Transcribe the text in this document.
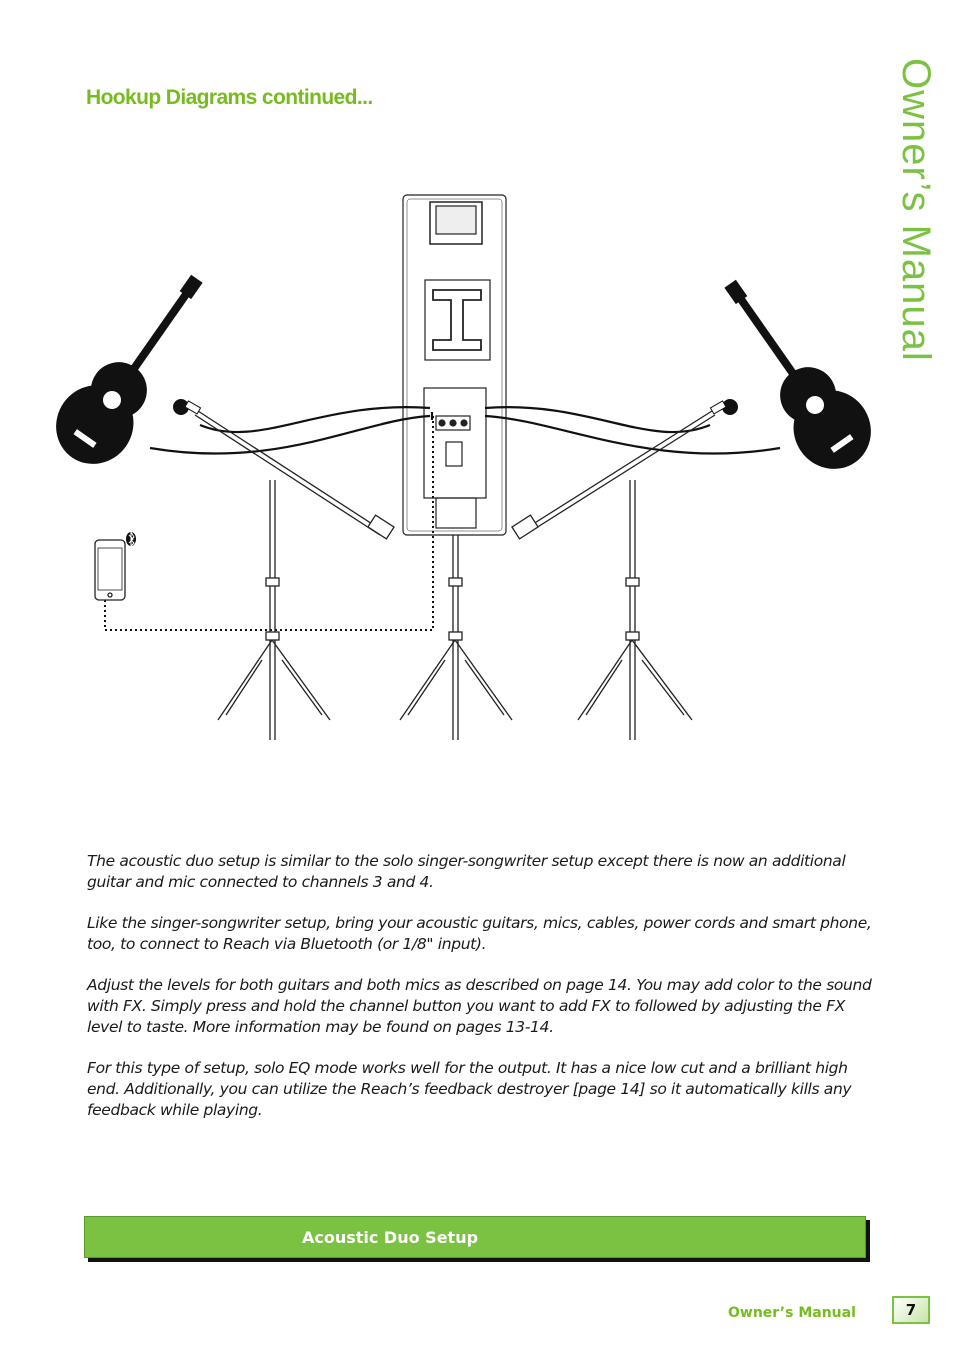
Owner’s Manual
Hookup Diagrams continued...

The acoustic duo setup is similar to the solo singer-songwriter setup except there is now an additional guitar and mic connected to channels 3 and 4.

Like the singer-songwriter setup, bring your acoustic guitars, mics, cables, power cords and smart phone, too, to connect to Reach via Bluetooth (or 1/8" input).

Adjust the levels for both guitars and both mics as described on page 14. You may add color to the sound with FX. Simply press and hold the channel button you want to add FX to followed by adjusting the FX level to taste. More information may be found on pages 13-14.

For this type of setup, solo EQ mode works well for the output. It has a nice low cut and a brilliant high end. Additionally, you can utilize the Reach’s feedback destroyer [page 14] so it automatically kills any feedback while playing.

Acoustic Duo Setup
Owner’s Manual	7
